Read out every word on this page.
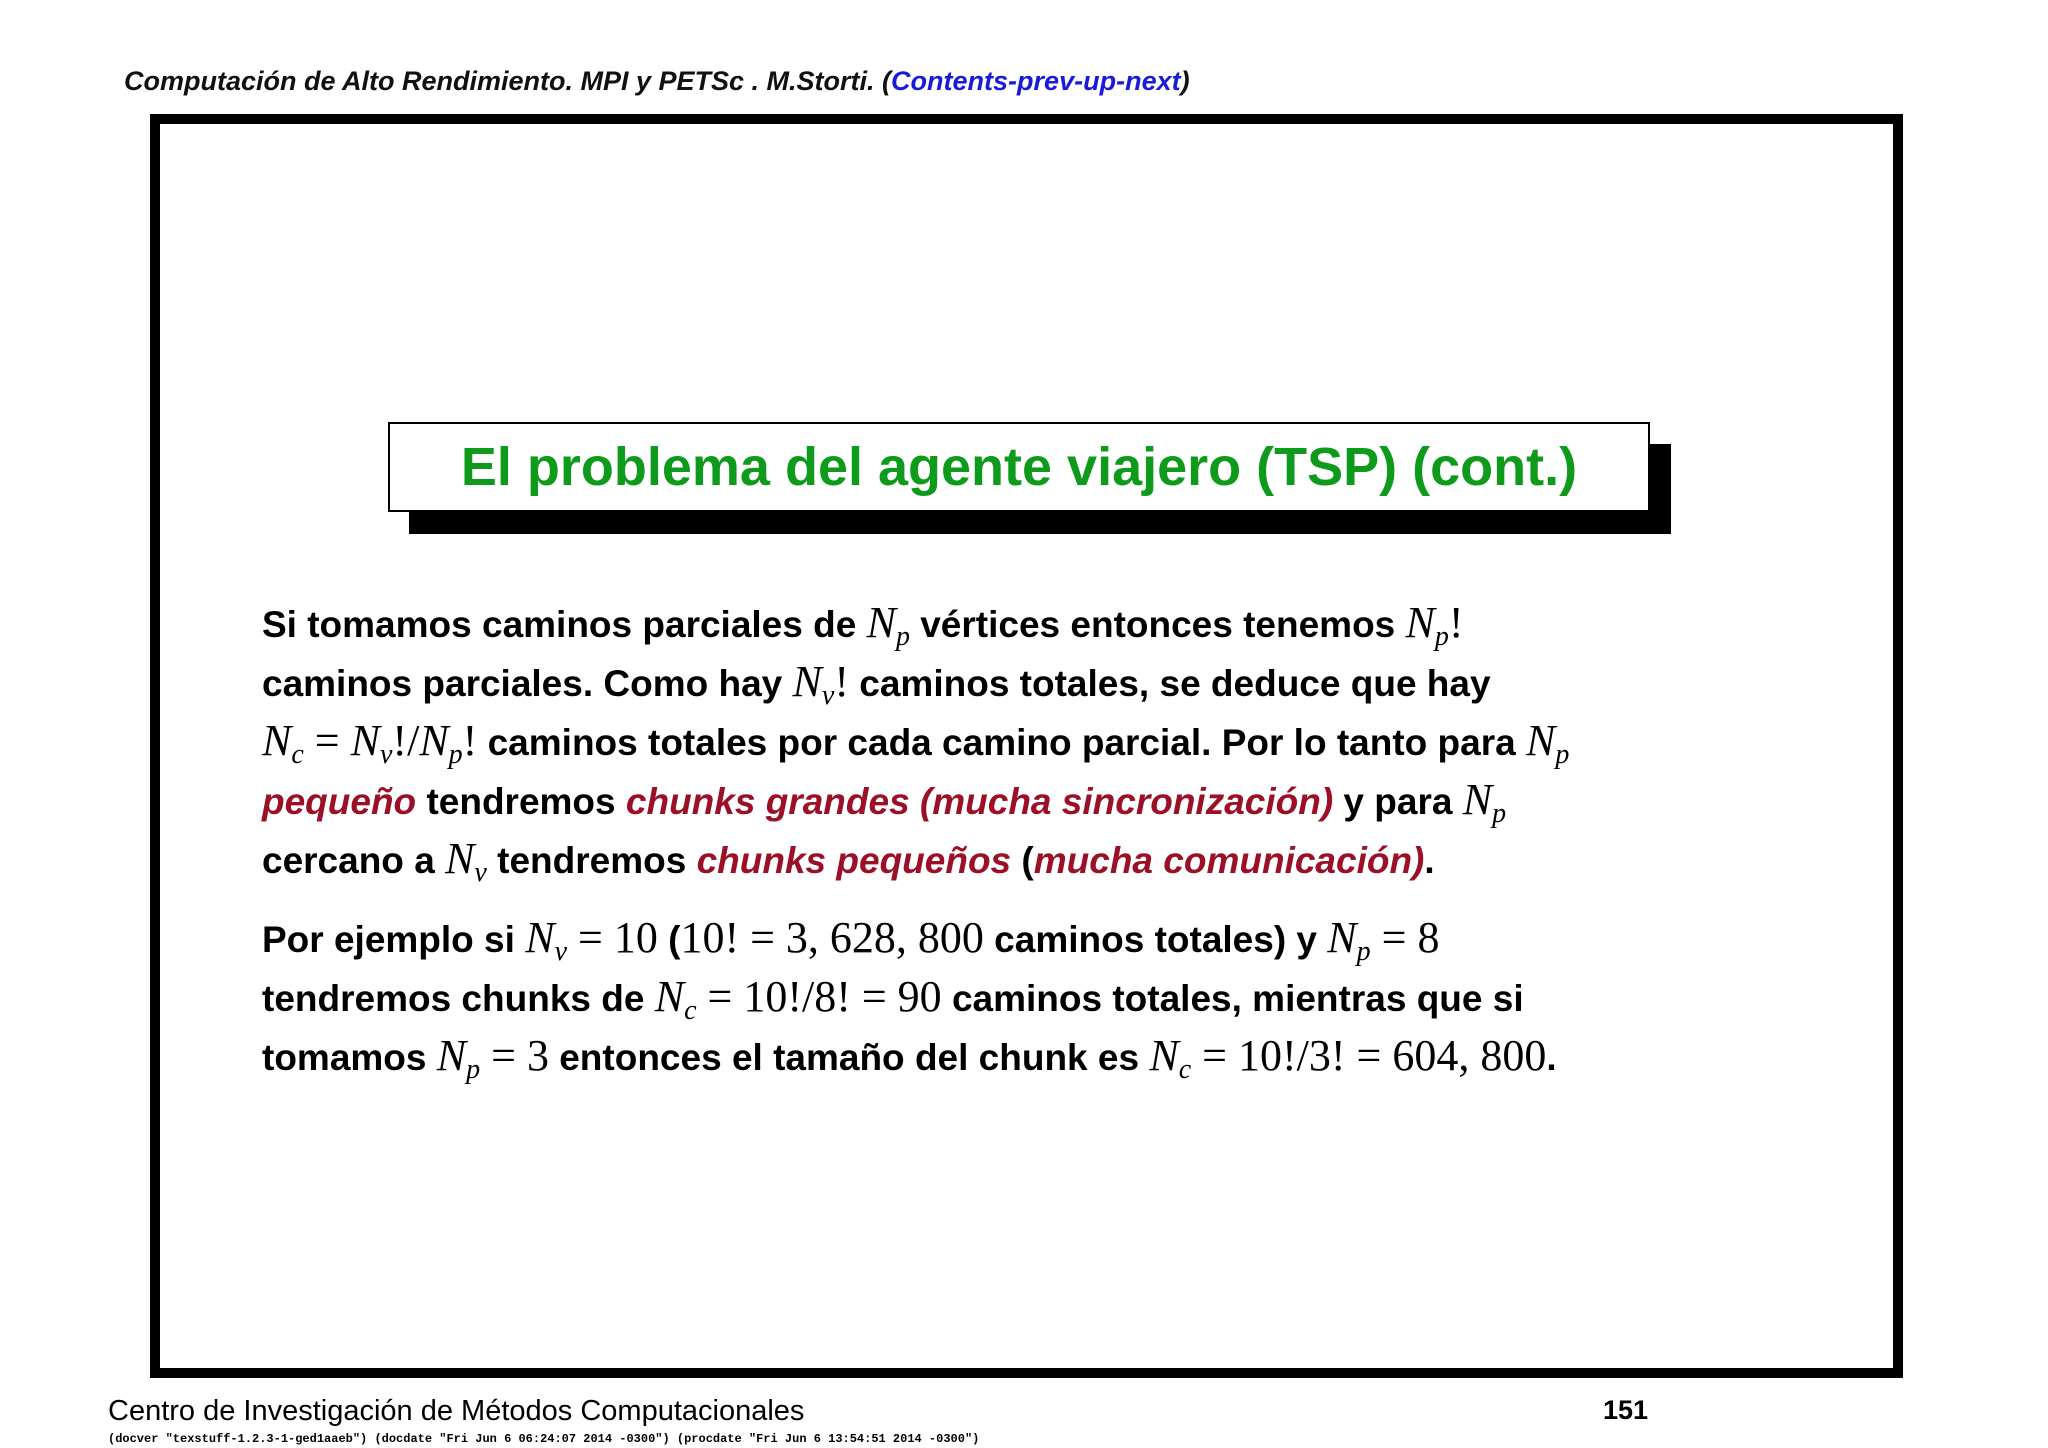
Computación de Alto Rendimiento. MPI y PETSc . M.Storti. (Contents-prev-up-next)
El problema del agente viajero (TSP) (cont.)

Si tomamos caminos parciales de $N_p$ vértices entonces tenemos $N_p$!
caminos parciales. Como hay $N_v$! caminos totales, se deduce que hay
$N_c = N_v!/N_p$! caminos totales por cada camino parcial. Por lo tanto para $N_p$
pequeño tendremos chunks grandes (mucha sincronización) y para $N_p$
cercano a $N_v$ tendremos chunks pequeños (mucha comunicación).

Por ejemplo si $N_v = 10$ (10! = 3, 628, 800 caminos totales) y $N_p = 8$
tendremos chunks de $N_c = 10!/8$! = 90 caminos totales, mientras que si
tomamos $N_p = 3$ entonces el tamaño del chunk es $N_c = 10!/3$! = 604, 800.

Centro de Investigación de Métodos Computacionales	151
(docver "texstuff-1.2.3-1-ged1aaeb") (docdate "Fri Jun 6 06:24:07 2014 -0300") (procdate "Fri Jun 6 13:54:51 2014 -0300")
